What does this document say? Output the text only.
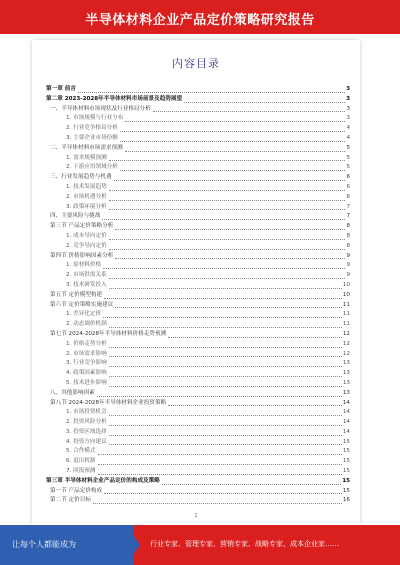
半导体材料企业产品定价策略研究报告
内容目录
第一章 前言	3
第二章 2023-2028年半导体材料市场前景及趋势展望	3
一、半导体材料市场现状及行业格局分析	3
1. 市场规模与行业分布	3
2. 行业竞争格局分析	4
3. 主要企业市场份额	4
二、半导体材料市场需求预测	5
1. 需求规模预测	5
2. 下游应用领域分析	5
三、行业发展趋势与机遇	6
1. 技术发展趋势	6
2. 市场机遇分析	6
3. 政策环境分析	7
四、主要风险与挑战	7
第三节 产品定价策略分析	8
1. 成本导向定价	8
2. 竞争导向定价	8
第四节 价格影响因素分析	9
1. 原材料价格	9
2. 市场供需关系	9
3. 技术研发投入	10
第五节 定价模型构建	10
第六节 定价策略实施建议	11
1. 差异化定价	11
2. 动态调价机制	11
第七节 2024-2028年半导体材料价格走势预测	12
1. 价格走势分析	12
2. 市场需求影响	12
3. 行业竞争影响	13
4. 政策因素影响	13
5. 技术进步影响	13
八、其他影响因素	13
第八节 2024-2028年半导体材料企业投资策略	14
1. 市场投资机会	14
2. 投资风险分析	14
3. 投资区域选择	14
4. 投资方向建议	15
5. 合作模式	15
6. 退出机制	15
7. 回报预测	15
第三章 半导体材料企业产品定价的构成及策略	15
第一节 产品定价构成	15
第二节 定价目标	16
1
让每个人都能成为	行业专家、管理专家、营销专家、战略专家、成本企业家……
